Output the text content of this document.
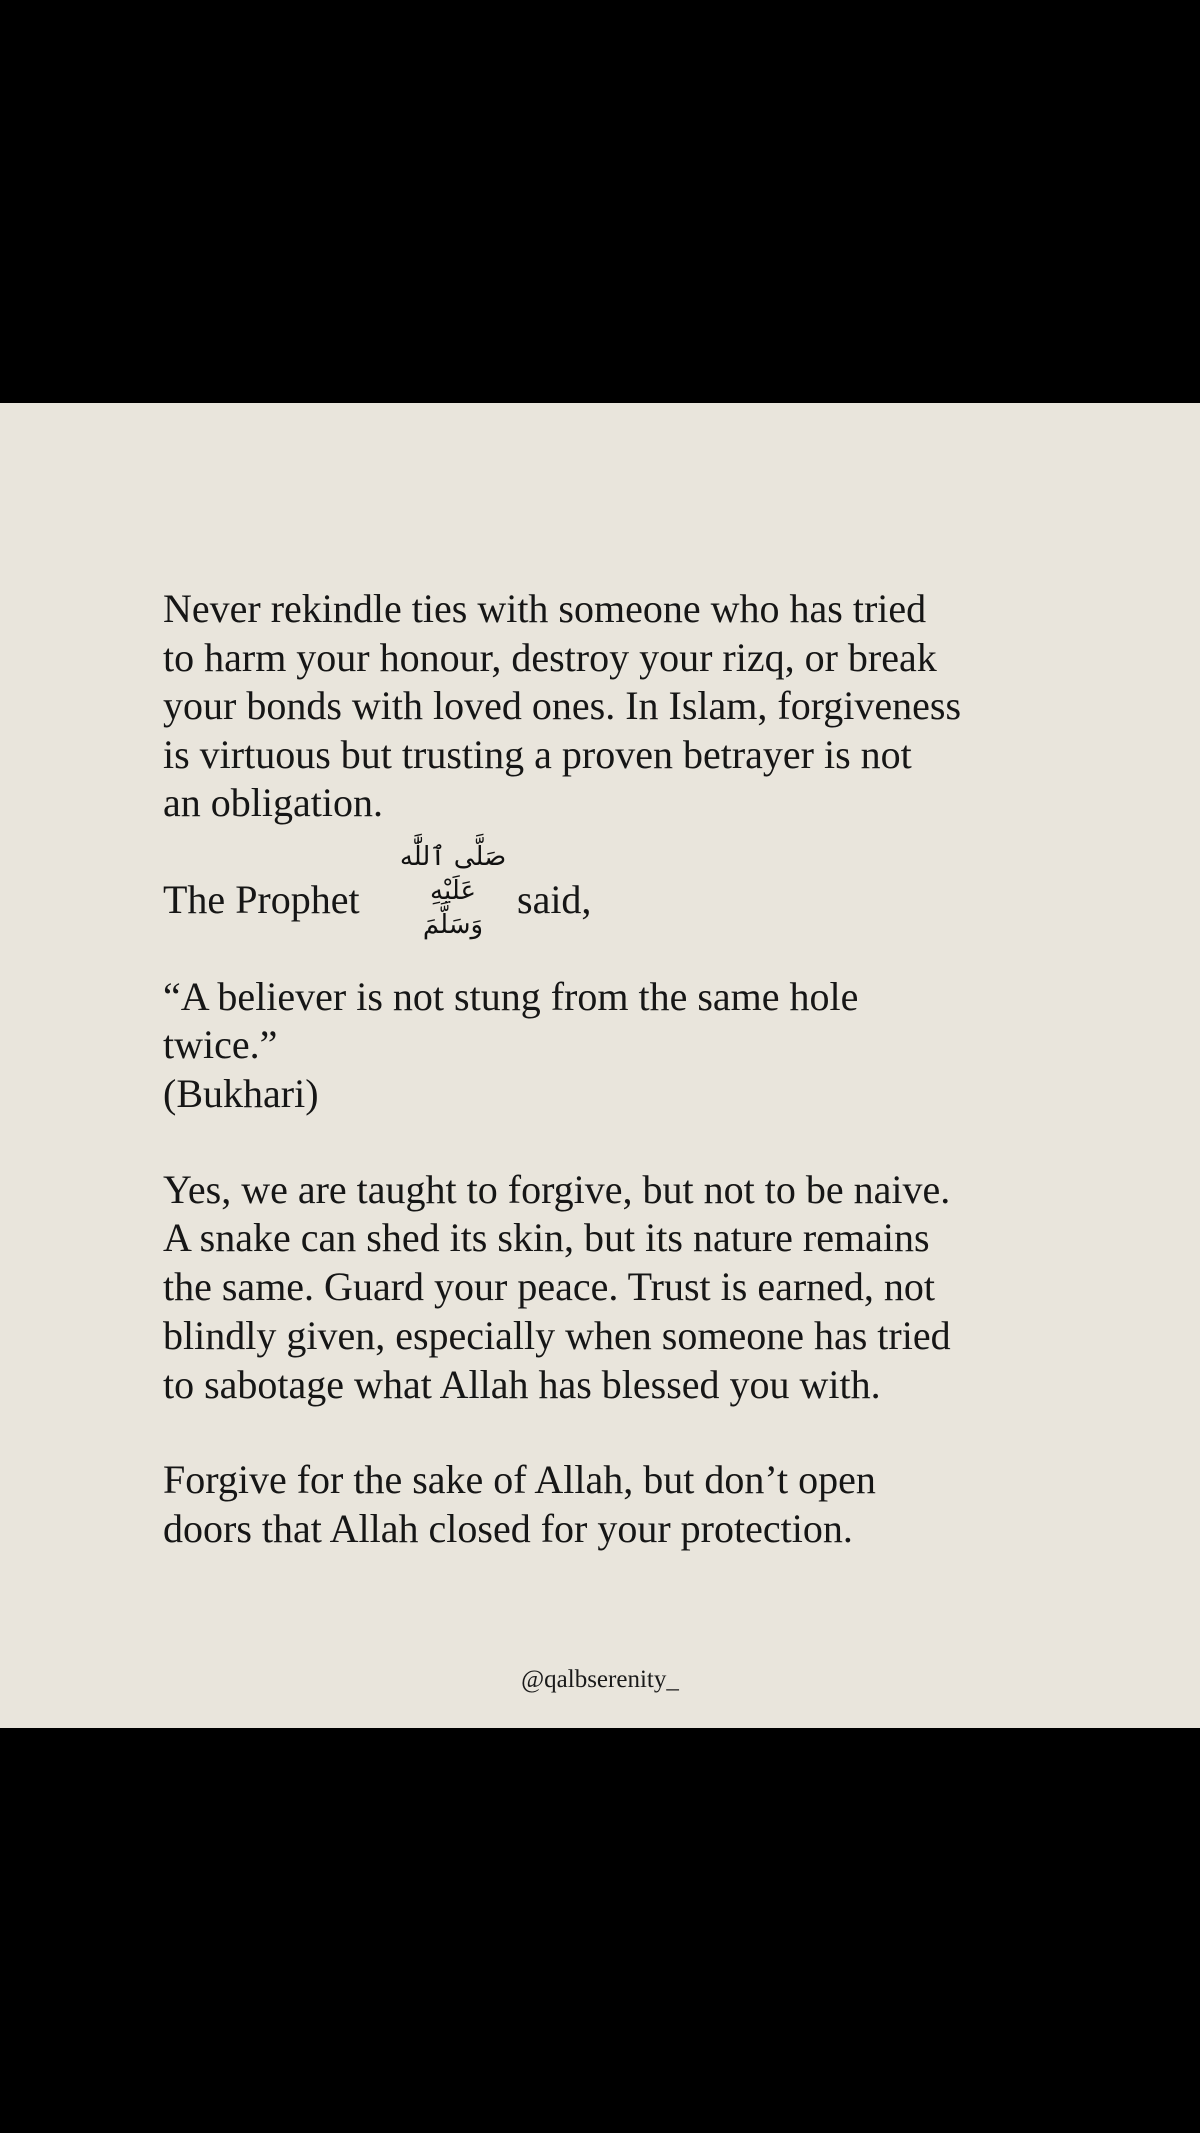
Never rekindle ties with someone who has tried
to harm your honour, destroy your rizq, or break
your bonds with loved ones. In Islam, forgiveness
is virtuous but trusting a proven betrayer is not
an obligation.
The Prophet
صَلَّى ٱللَّٰه
عَلَيْهِ وَسَلَّمَ
said,
“A believer is not stung from the same hole
twice.”
(Bukhari)
Yes, we are taught to forgive, but not to be naive.
A snake can shed its skin, but its nature remains
the same. Guard your peace. Trust is earned, not
blindly given, especially when someone has tried
to sabotage what Allah has blessed you with.
Forgive for the sake of Allah, but don’t open
doors that Allah closed for your protection.
@qalbserenity_
